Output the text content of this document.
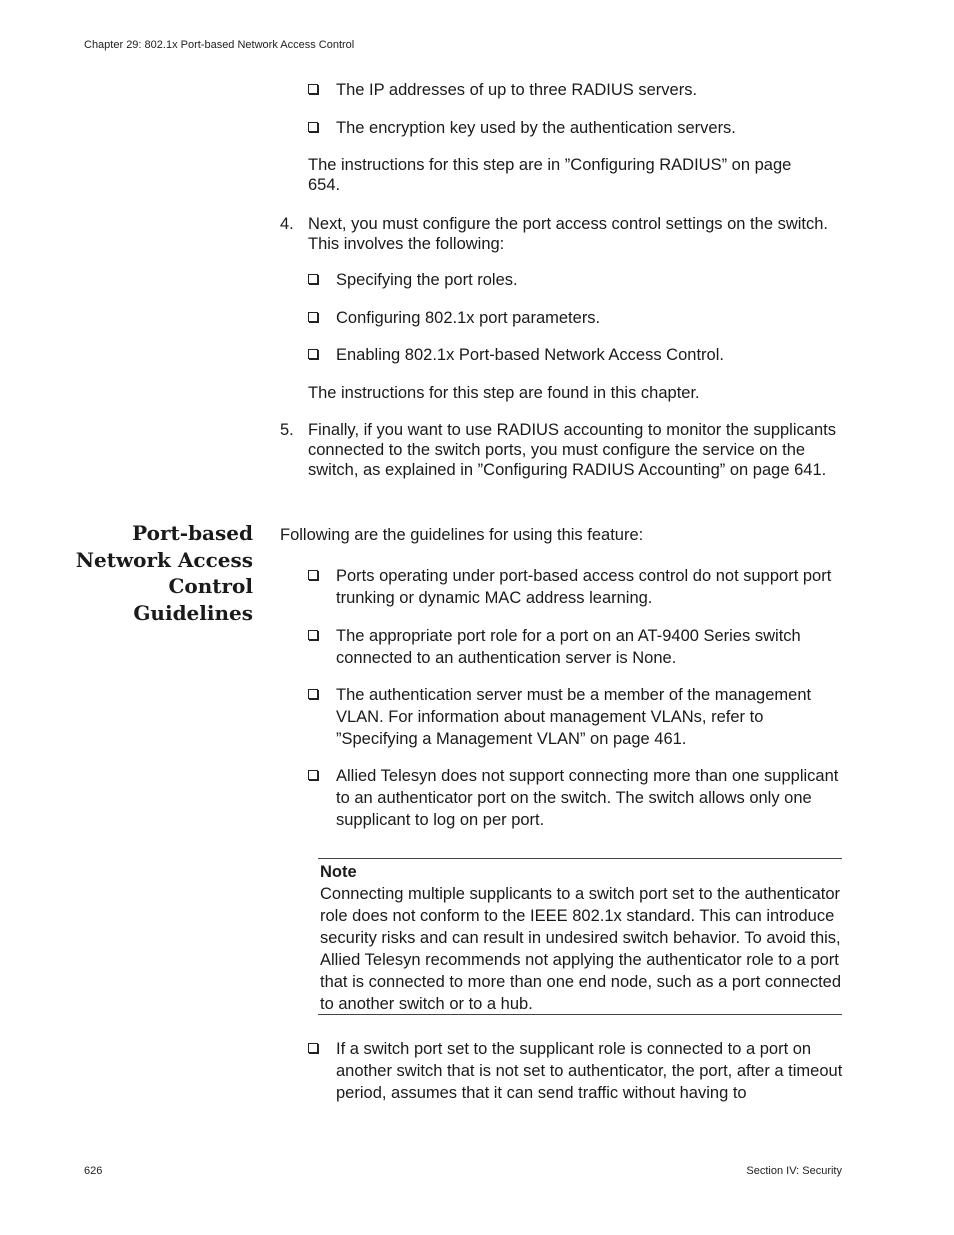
Chapter 29: 802.1x Port-based Network Access Control
The IP addresses of up to three RADIUS servers.
The encryption key used by the authentication servers.
The instructions for this step are in ”Configuring RADIUS” on page 654.
4. Next, you must configure the port access control settings on the switch. This involves the following:
Specifying the port roles.
Configuring 802.1x port parameters.
Enabling 802.1x Port-based Network Access Control.
The instructions for this step are found in this chapter.
5. Finally, if you want to use RADIUS accounting to monitor the supplicants connected to the switch ports, you must configure the service on the switch, as explained in ”Configuring RADIUS Accounting” on page 641.
Port-based
Network Access
Control
Guidelines
Following are the guidelines for using this feature:
Ports operating under port-based access control do not support port trunking or dynamic MAC address learning.
The appropriate port role for a port on an AT-9400 Series switch connected to an authentication server is None.
The authentication server must be a member of the management VLAN. For information about management VLANs, refer to ”Specifying a Management VLAN” on page 461.
Allied Telesyn does not support connecting more than one supplicant to an authenticator port on the switch. The switch allows only one supplicant to log on per port.
Note
Connecting multiple supplicants to a switch port set to the authenticator role does not conform to the IEEE 802.1x standard. This can introduce security risks and can result in undesired switch behavior. To avoid this, Allied Telesyn recommends not applying the authenticator role to a port that is connected to more than one end node, such as a port connected to another switch or to a hub.
If a switch port set to the supplicant role is connected to a port on another switch that is not set to authenticator, the port, after a timeout period, assumes that it can send traffic without having to
626	Section IV: Security
